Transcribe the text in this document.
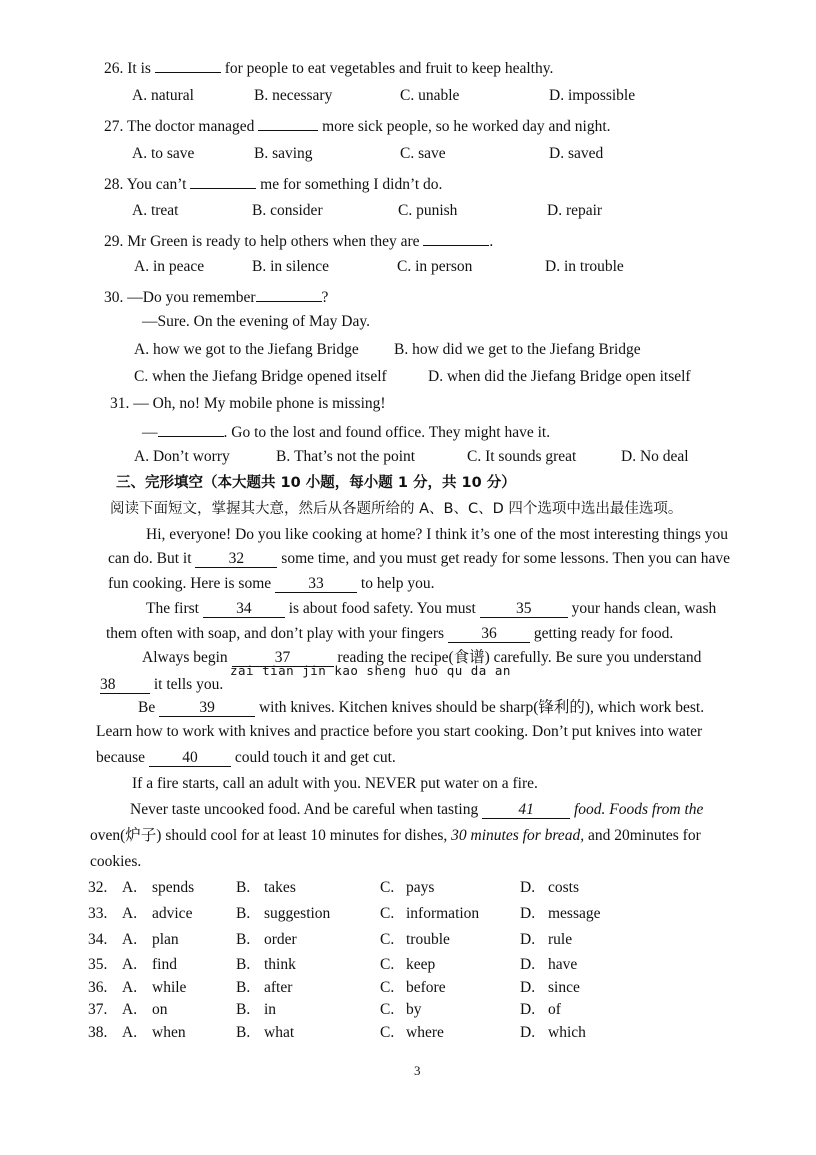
26. It is	for people to eat vegetables and fruit to keep healthy.
A. natural	B. necessary	C. unable	D. impossible
27. The doctor managed	more sick people, so he worked day and night.
A. to save	B. saving	C. save	D. saved
28. You can’t	me for something I didn’t do.
A. treat	B. consider	C. punish	D. repair
29. Mr Green is ready to help others when they are	.
A. in peace	B. in silence	C. in person	D. in trouble
30. —Do you remember	?
—Sure. On the evening of May Day.
A. how we got to the Jiefang Bridge B. how did we get to the Jiefang Bridge
C. when the Jiefang Bridge opened itself	D. when did the Jiefang Bridge open itself
31. — Oh, no! My mobile phone is missing!
—	. Go to the lost and found office. They might have it.
A. Don’t worry	B. That’s not the point	C. It sounds great	D. No deal
三、完形填空（本大题共 10 小题，每小题 1 分，共 10 分）
阅读下面短文，掌握其大意，然后从各题所给的 A、B、C、D 四个选项中选出最佳选项。
Hi, everyone! Do you like cooking at home? I think it’s one of the most interesting things you
can do. But it 32 some time, and you must get ready for some lessons. Then you can have
fun cooking. Here is some 33 to help you.
The first 34 is about food safety. You must	35	your hands clean, wash
them often with soap, and don’t play with your fingers 36 getting ready for food.
Always begin	37	reading the recipe(食谱) carefully. Be sure you understand
zai tian jin kao sheng huo qu da an
38 it tells you.
Be	39	with knives. Kitchen knives should be sharp(锋利的), which work best.
Learn how to work with knives and practice before you start cooking. Don’t put knives into water
because 40 could touch it and get cut.
If a fire starts, call an adult with you. NEVER put water on a fire.
Never taste uncooked food. And be careful when tasting	41	food. Foods from the
oven(炉子) should cool for at least 10 minutes for dishes, 30 minutes for bread, and 20minutes for
cookies.
32. A. spends	B. takes	C. pays	D. costs
33. A. advice	B. suggestion	C. information	D. message
34. A. plan	B. order	C. trouble	D. rule
35. A. find	B. think	C. keep	D. have
36. A. while	B. after	C. before	D. since
37. A. on	B. in	C. by	D. of
38. A. when	B. what	C. where	D. which
3
